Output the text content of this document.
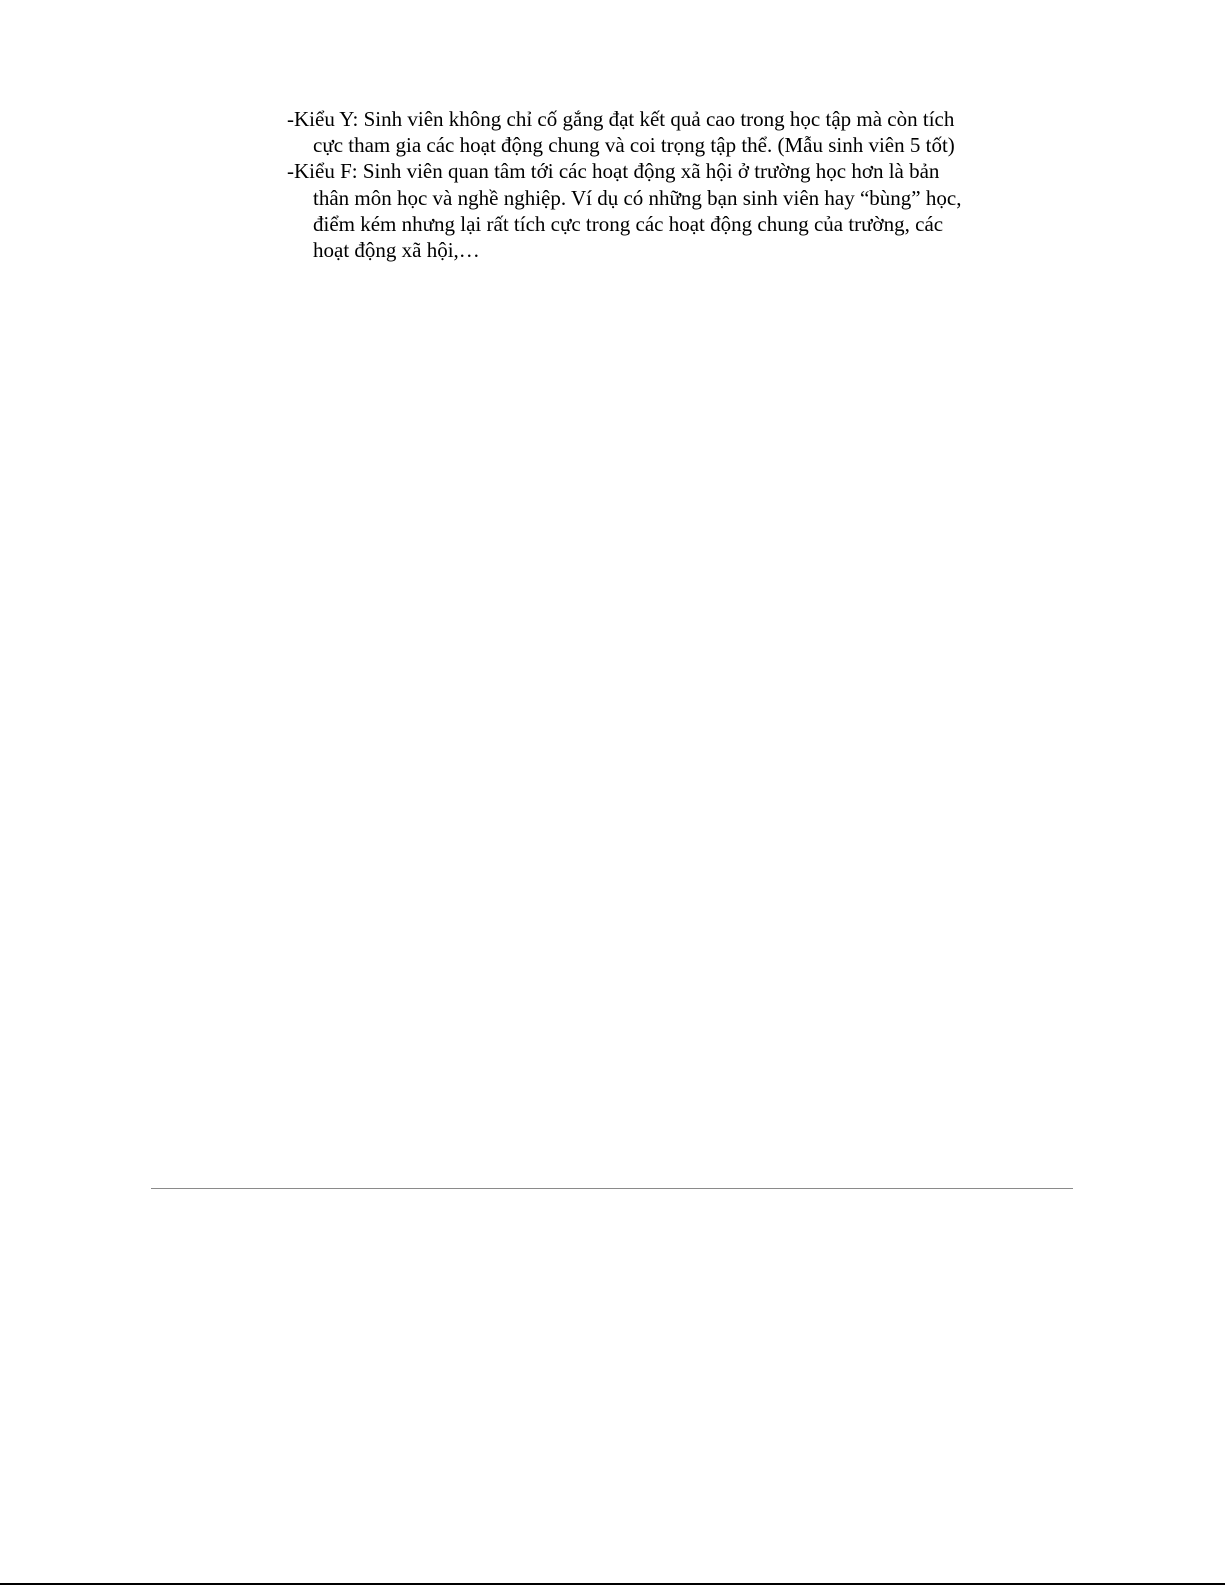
-Kiểu Y: Sinh viên không chỉ cố gắng đạt kết quả cao trong học tập mà còn tích cực tham gia các hoạt động chung và coi trọng tập thể. (Mẫu sinh viên 5 tốt)

-Kiểu F: Sinh viên quan tâm tới các hoạt động xã hội ở trường học hơn là bản thân môn học và nghề nghiệp. Ví dụ có những bạn sinh viên hay “bùng” học, điểm kém nhưng lại rất tích cực trong các hoạt động chung của trường, các hoạt động xã hội,…
